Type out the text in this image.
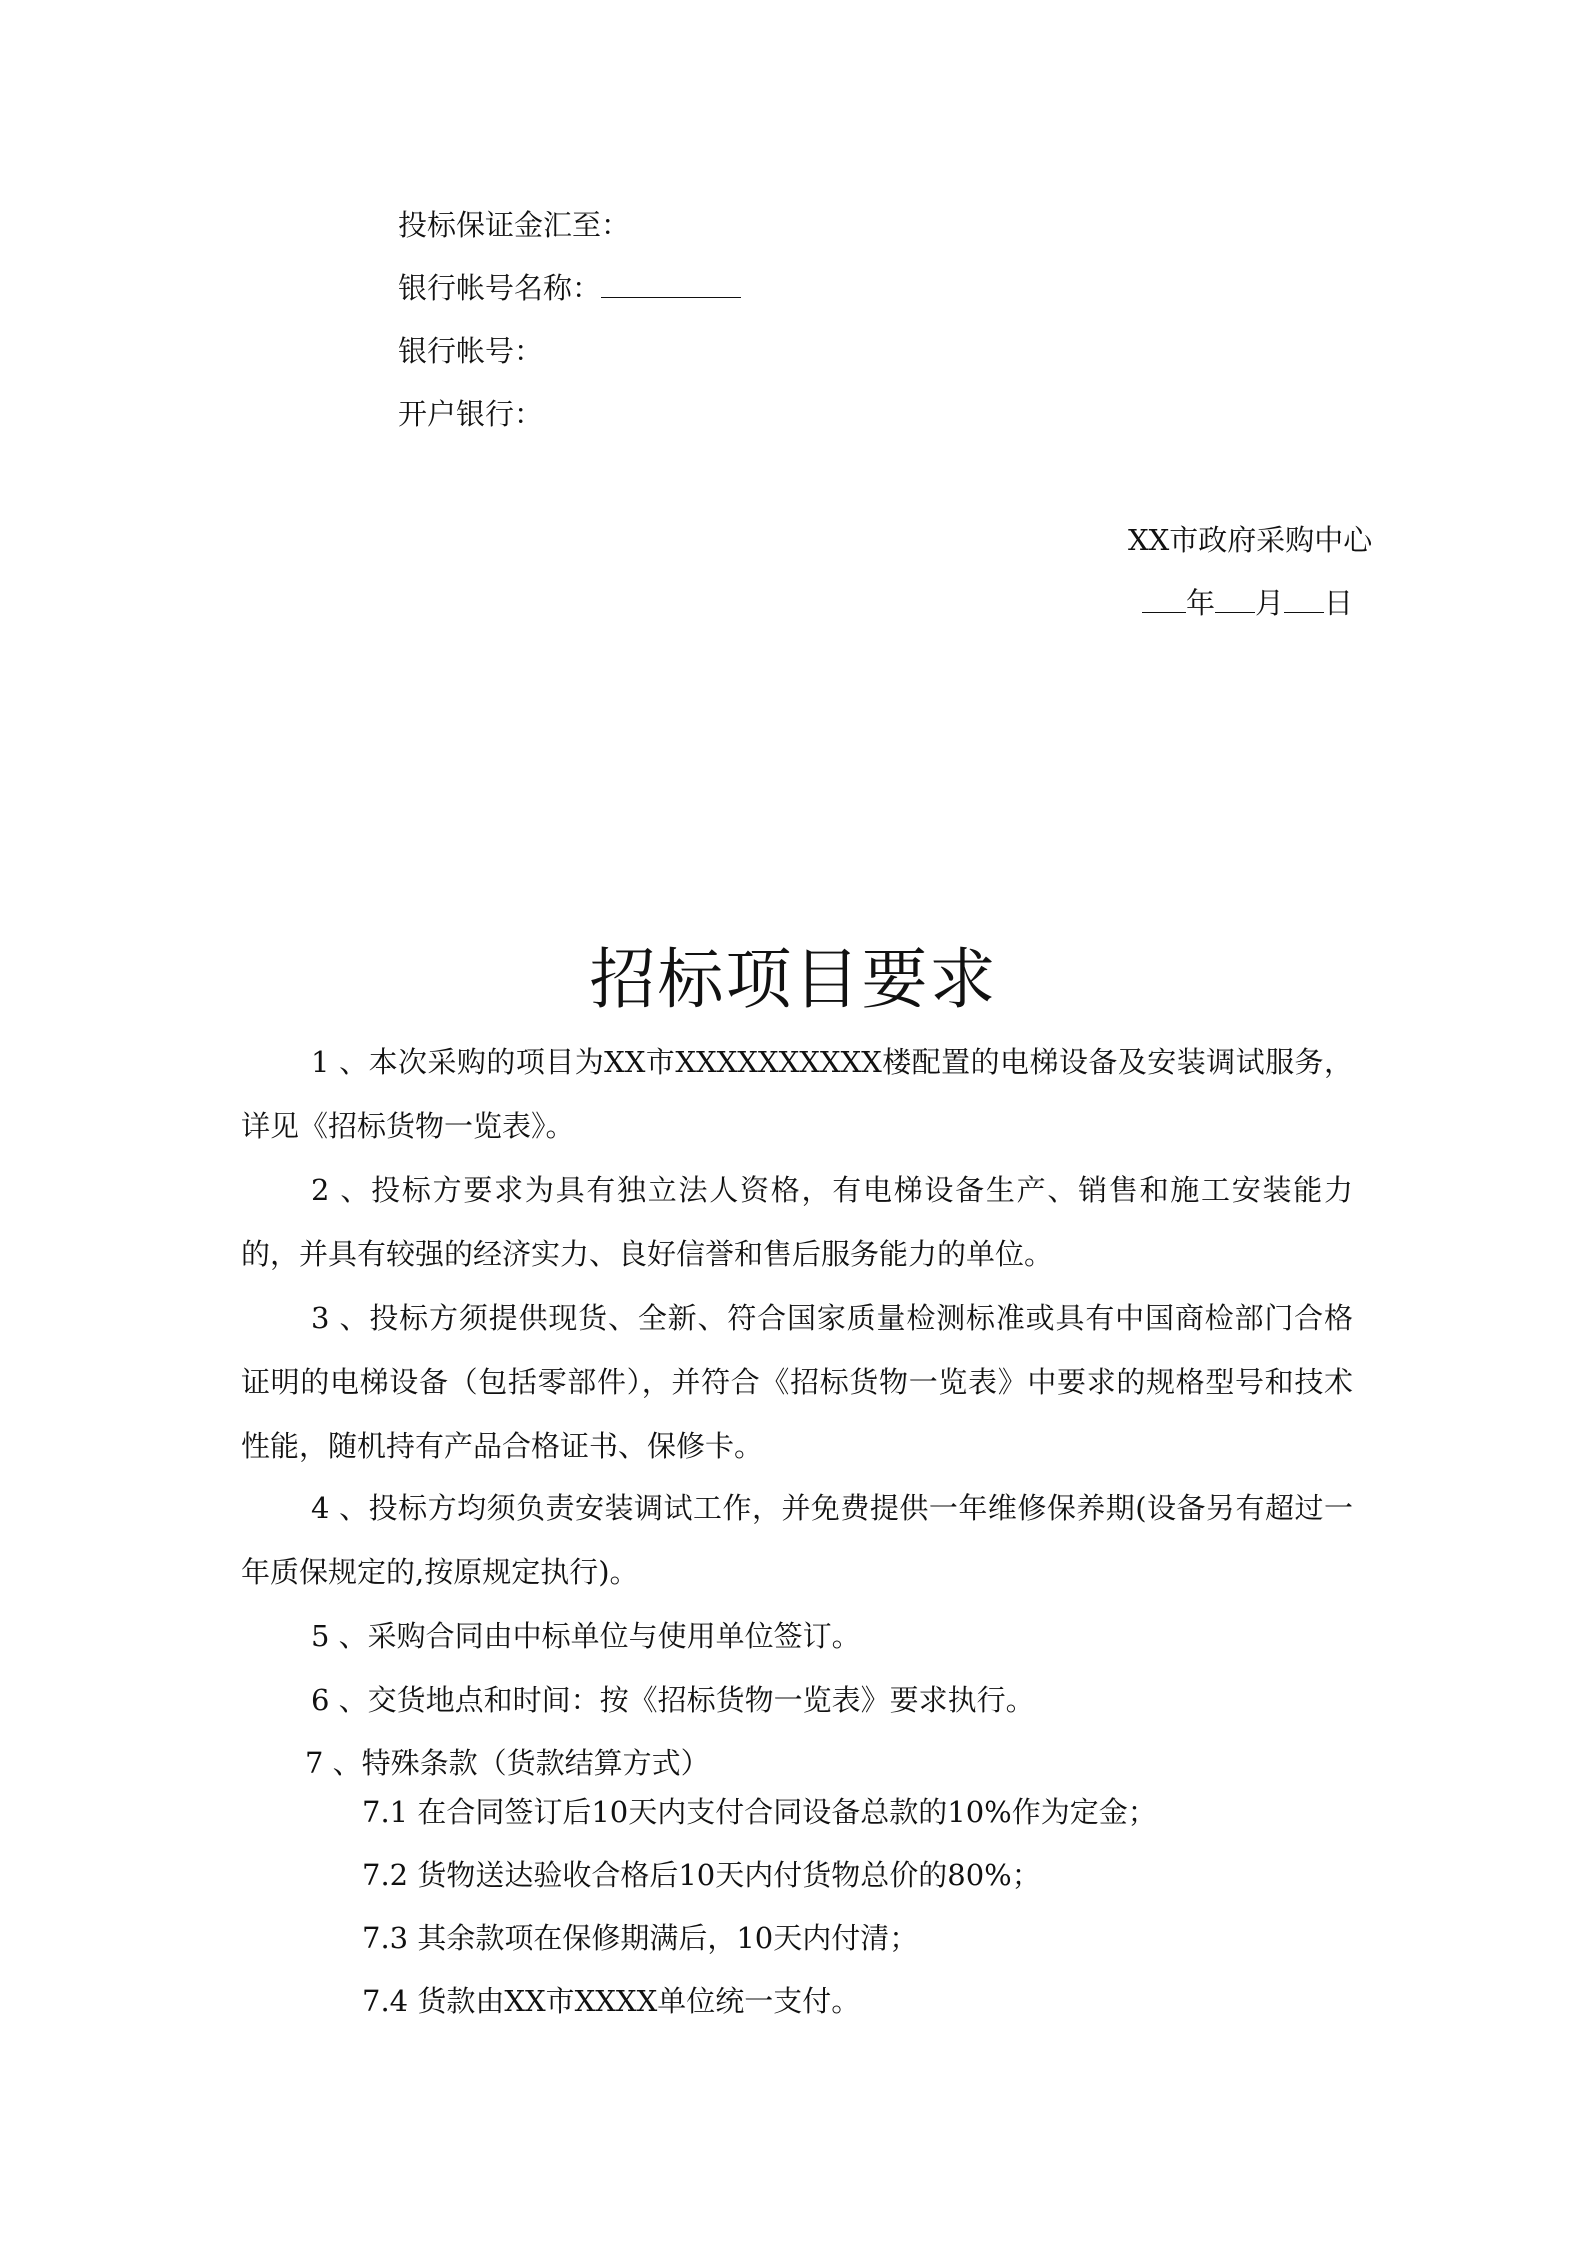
投标保证金汇至：
银行帐号名称：
银行帐号：
开户银行：
XX市政府采购中心
年 月 日
招标项目要求
1 、本次采购的项目为XX市XXXXXXXXXX楼配置的电梯设备及安装调试服务，详见《招标货物一览表》。
2 、投标方要求为具有独立法人资格，有电梯设备生产、销售和施工安装能力的，并具有较强的经济实力、良好信誉和售后服务能力的单位。
3 、投标方须提供现货、全新、符合国家质量检测标准或具有中国商检部门合格证明的电梯设备（包括零部件），并符合《招标货物一览表》中要求的规格型号和技术性能，随机持有产品合格证书、保修卡。
4 、投标方均须负责安装调试工作，并免费提供一年维修保养期(设备另有超过一年质保规定的,按原规定执行)。
5 、采购合同由中标单位与使用单位签订。
6 、交货地点和时间：按《招标货物一览表》要求执行。
7 、特殊条款（货款结算方式）
7.1 在合同签订后10天内支付合同设备总款的10%作为定金；
7.2 货物送达验收合格后10天内付货物总价的80%；
7.3 其余款项在保修期满后，10天内付清；
7.4 货款由XX市XXXX单位统一支付。
